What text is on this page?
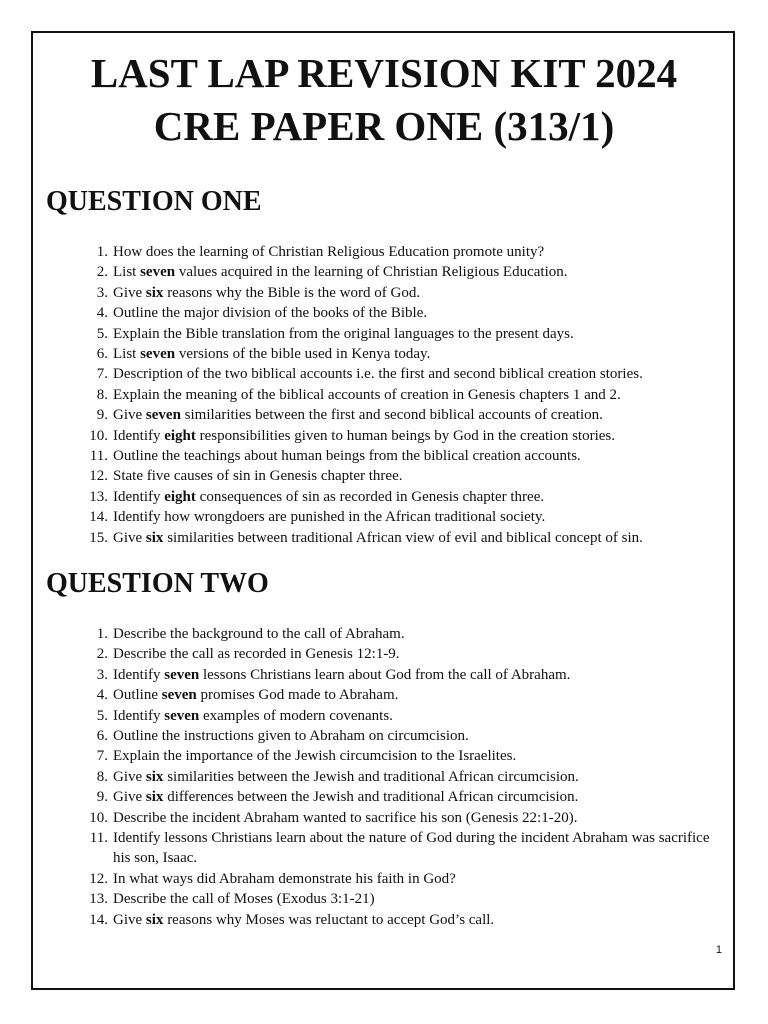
LAST LAP REVISION KIT 2024
CRE PAPER ONE (313/1)
QUESTION ONE
1. How does the learning of Christian Religious Education promote unity?
2. List seven values acquired in the learning of Christian Religious Education.
3. Give six reasons why the Bible is the word of God.
4. Outline the major division of the books of the Bible.
5. Explain the Bible translation from the original languages to the present days.
6. List seven versions of the bible used in Kenya today.
7. Description of the two biblical accounts i.e. the first and second biblical creation stories.
8. Explain the meaning of the biblical accounts of creation in Genesis chapters 1 and 2.
9. Give seven similarities between the first and second biblical accounts of creation.
10. Identify eight responsibilities given to human beings by God in the creation stories.
11. Outline the teachings about human beings from the biblical creation accounts.
12. State five causes of sin in Genesis chapter three.
13. Identify eight consequences of sin as recorded in Genesis chapter three.
14. Identify how wrongdoers are punished in the African traditional society.
15. Give six similarities between traditional African view of evil and biblical concept of sin.
QUESTION TWO
1. Describe the background to the call of Abraham.
2. Describe the call as recorded in Genesis 12:1-9.
3. Identify seven lessons Christians learn about God from the call of Abraham.
4. Outline seven promises God made to Abraham.
5. Identify seven examples of modern covenants.
6. Outline the instructions given to Abraham on circumcision.
7. Explain the importance of the Jewish circumcision to the Israelites.
8. Give six similarities between the Jewish and traditional African circumcision.
9. Give six differences between the Jewish and traditional African circumcision.
10. Describe the incident Abraham wanted to sacrifice his son (Genesis 22:1-20).
11. Identify lessons Christians learn about the nature of God during the incident Abraham was sacrifice his son, Isaac.
12. In what ways did Abraham demonstrate his faith in God?
13. Describe the call of Moses (Exodus 3:1-21)
14. Give six reasons why Moses was reluctant to accept God’s call.
1
